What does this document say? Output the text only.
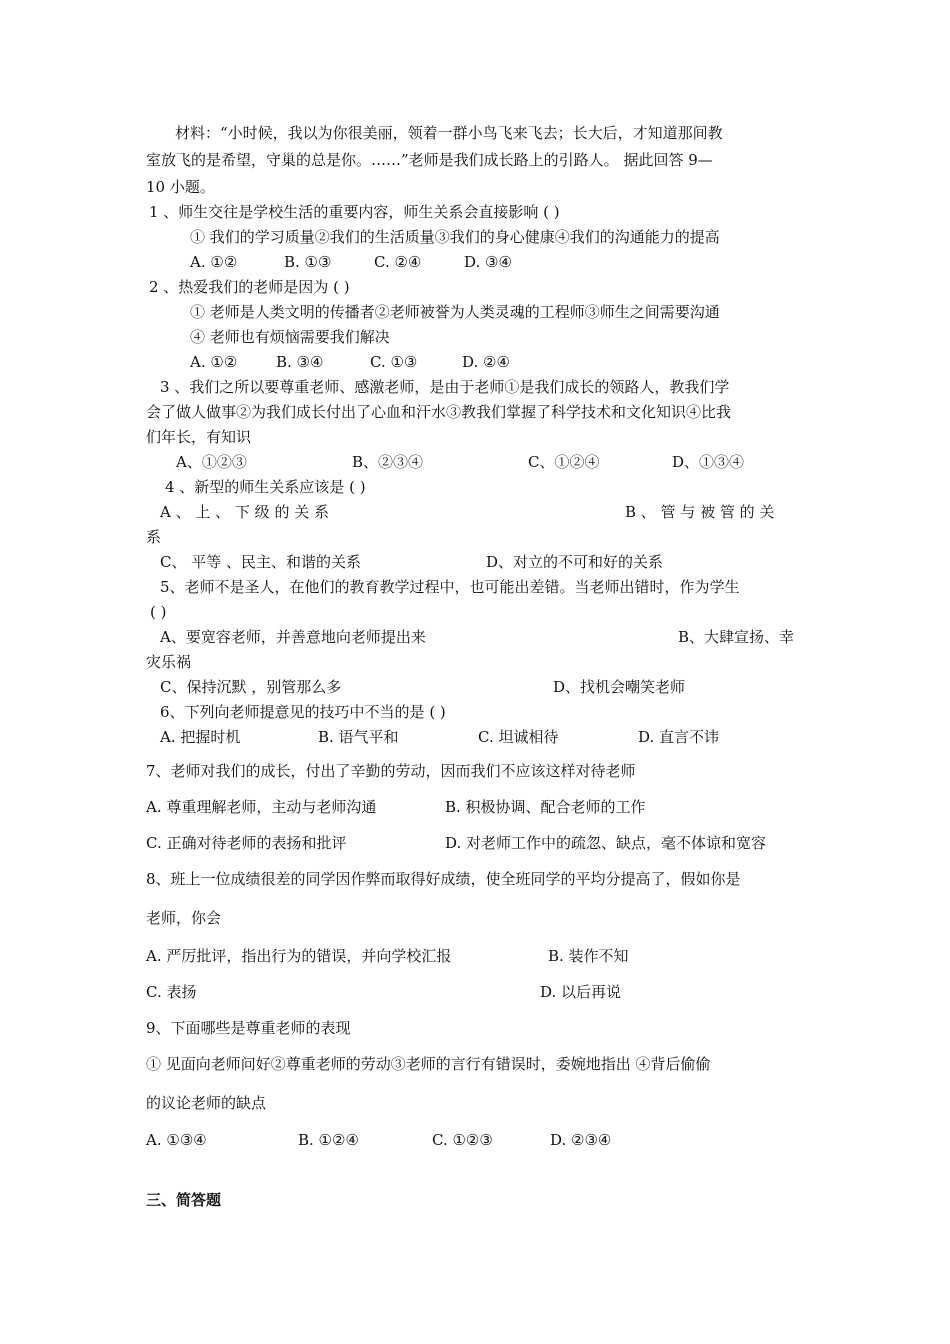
材料：“小时候，我以为你很美丽，领着一群小鸟飞来飞去；长大后，才知道那间教
室放飞的是希望，守巢的总是你。……”老师是我们成长路上的引路人。 据此回答 9—
10 小题。
1 、师生交往是学校生活的重要内容，师生关系会直接影响 ( )
① 我们的学习质量②我们的生活质量③我们的身心健康④我们的沟通能力的提高
A. ①②	B. ①③	C. ②④	D. ③④
2 、热爱我们的老师是因为 ( )
① 老师是人类文明的传播者②老师被誉为人类灵魂的工程师③师生之间需要沟通
④ 老师也有烦恼需要我们解决
A. ①②	B. ③④	C. ①③	D. ②④
3 、我们之所以要尊重老师、感激老师，是由于老师①是我们成长的领路人，教我们学
会了做人做事②为我们成长付出了心血和汗水③教我们掌握了科学技术和文化知识④比我
们年长，有知识
A、①②③	B、②③④	C、①②④	D、①③④
4 、新型的师生关系应该是 ( )
A 、 上 、 下 级 的 关 系	B 、 管 与 被 管 的 关
系
C、 平等 、民主、和谐的关系	D、对立的不可和好的关系
5、老师不是圣人，在他们的教育教学过程中，也可能出差错。当老师出错时，作为学生
( )
A、要宽容老师，并善意地向老师提出来	B、大肆宣扬、幸
灾乐祸
C、保持沉默 ，别管那么多	D、找机会嘲笑老师
6、下列向老师提意见的技巧中不当的是 ( )
A. 把握时机	B. 语气平和	C. 坦诚相待	D. 直言不讳
7、老师对我们的成长，付出了辛勤的劳动，因而我们不应该这样对待老师
A. 尊重理解老师，主动与老师沟通	B. 积极协调、配合老师的工作
C. 正确对待老师的表扬和批评	D. 对老师工作中的疏忽、缺点，毫不体谅和宽容
8、班上一位成绩很差的同学因作弊而取得好成绩，使全班同学的平均分提高了，假如你是
老师，你会
A. 严厉批评，指出行为的错误，并向学校汇报	B. 装作不知
C. 表扬	D. 以后再说
9、下面哪些是尊重老师的表现
① 见面向老师问好②尊重老师的劳动③老师的言行有错误时，委婉地指出 ④背后偷偷
的议论老师的缺点
A. ①③④	B. ①②④	C. ①②③	D. ②③④
三、简答题
